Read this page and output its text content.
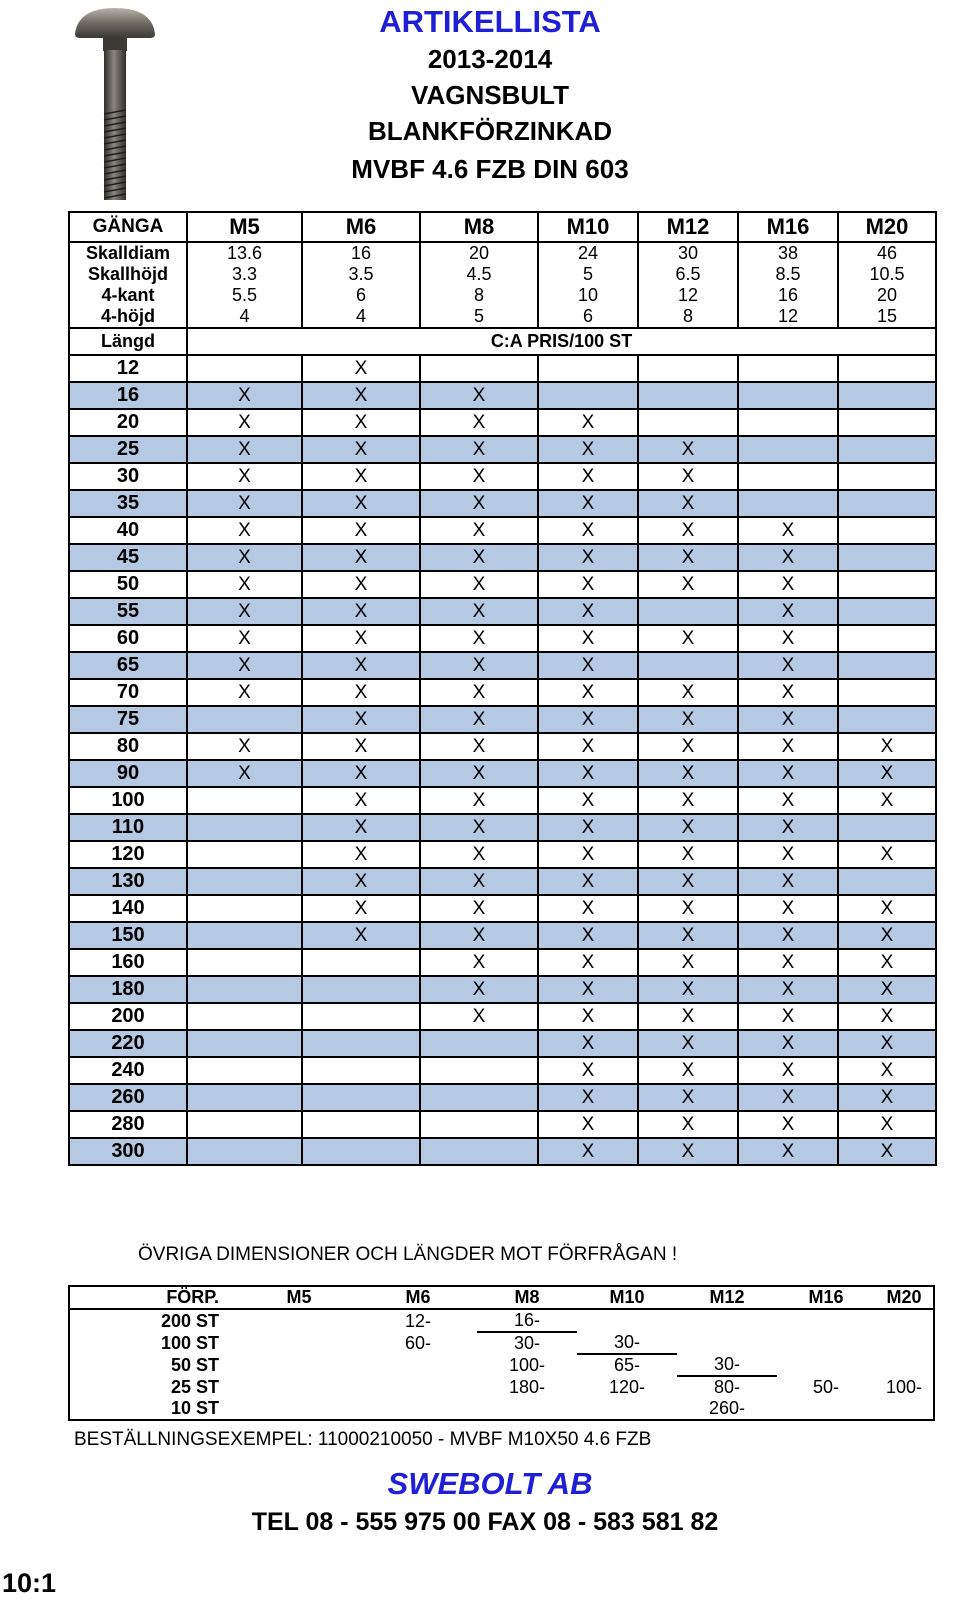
ARTIKELLISTA
2013-2014
VAGNSBULT
BLANKFÖRZINKAD
MVBF 4.6 FZB DIN 603
GÄNGA	M5	M6	M8	M10	M12	M16	M20
Skalldiam	13.6	16	20	24	30	38	46
Skallhöjd	3.3	3.5	4.5	5	6.5	8.5	10.5
4-kant	5.5	6	8	10	12	16	20
4-höjd	4	4	5	6	8	12	15
Längd	C:A PRIS/100 ST						
12		X					
16	X	X	X				
20	X	X	X	X			
25	X	X	X	X	X		
30	X	X	X	X	X		
35	X	X	X	X	X		
40	X	X	X	X	X	X	
45	X	X	X	X	X	X	
50	X	X	X	X	X	X	
55	X	X	X	X		X	
60	X	X	X	X	X	X	
65	X	X	X	X		X	
70	X	X	X	X	X	X	
75		X	X	X	X	X	
80	X	X	X	X	X	X	X
90	X	X	X	X	X	X	X
100		X	X	X	X	X	X
110		X	X	X	X	X	
120		X	X	X	X	X	X
130		X	X	X	X	X	
140		X	X	X	X	X	X
150		X	X	X	X	X	X
160			X	X	X	X	X
180			X	X	X	X	X
200			X	X	X	X	X
220				X	X	X	X
240				X	X	X	X
260				X	X	X	X
280				X	X	X	X
300				X	X	X	X
ÖVRIGA DIMENSIONER OCH LÄNGDER MOT FÖRFRÅGAN !
FÖRP.	M5	M6	M8	M10	M12	M16	M20
200 ST		12-	16-				
100 ST		60-	30-	30-			
50 ST			100-	65-	30-		
25 ST			180-	120-	80-	50-	100-
10 ST					260-		
BESTÄLLNINGSEXEMPEL: 11000210050 - MVBF M10X50 4.6 FZB
SWEBOLT AB
TEL 08 - 555 975 00 FAX 08 - 583 581 82
10:1
